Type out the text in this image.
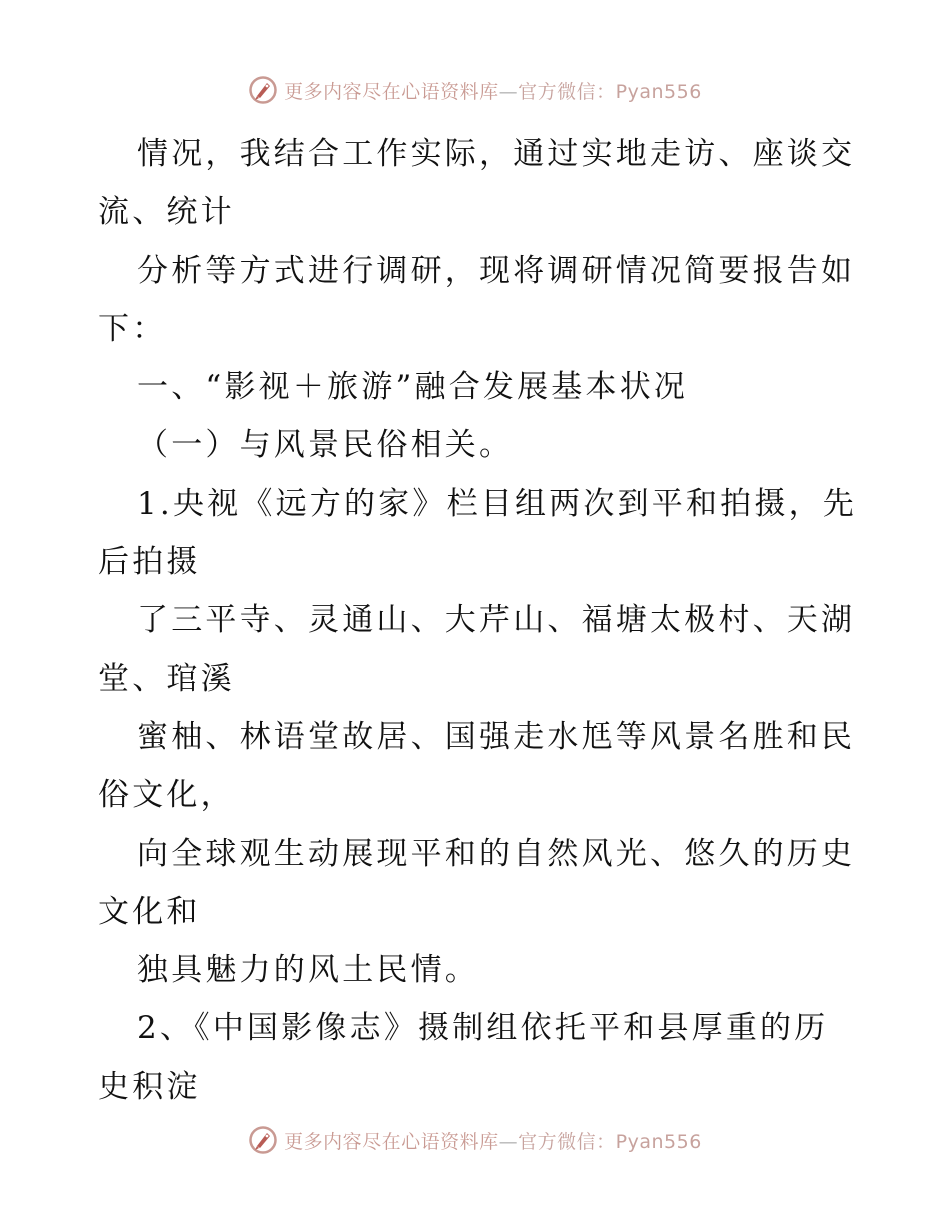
更多内容尽在心语资料库—官方微信：Pyan556
情况，我结合工作实际，通过实地走访、座谈交
流、统计
分析等方式进行调研，现将调研情况简要报告如
下：
一、“影视＋旅游”融合发展基本状况
（一）与风景民俗相关。
1.央视《远方的家》栏目组两次到平和拍摄，先
后拍摄
了三平寺、灵通山、大芹山、福塘太极村、天湖
堂、琯溪
蜜柚、林语堂故居、国强走水尪等风景名胜和民
俗文化，
向全球观生动展现平和的自然风光、悠久的历史
文化和
独具魅力的风土民情。
2、《中国影像志》摄制组依托平和县厚重的历
史积淀
更多内容尽在心语资料库—官方微信：Pyan556
